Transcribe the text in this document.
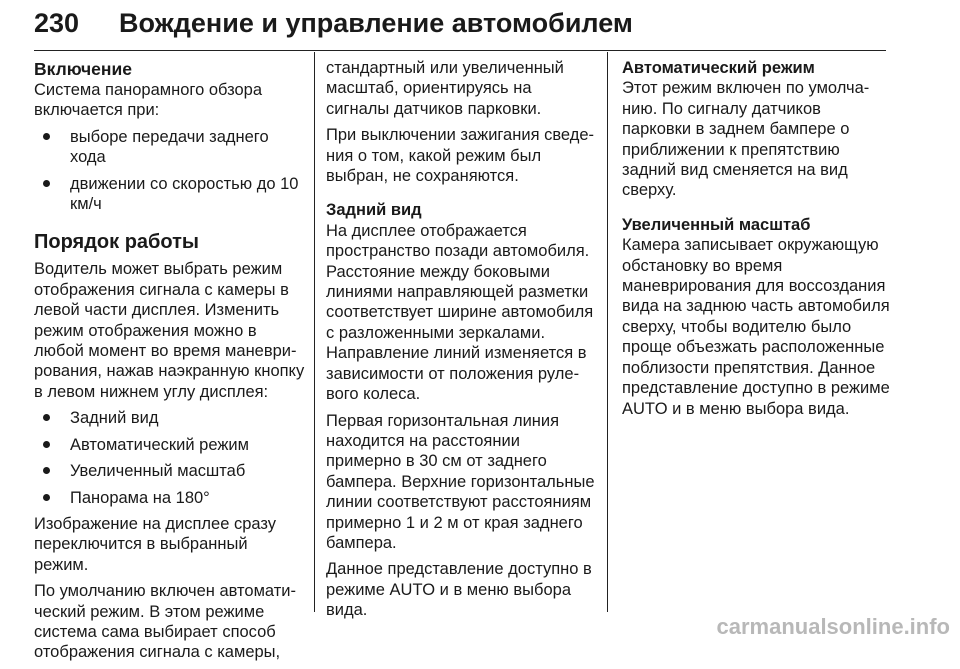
230 Вождение и управление автомобилем
Включение

Система панорамного обзора включается при:

выборе передачи заднего хода
движении со скоростью до 10 км/ч
Порядок работы

Водитель может выбрать режим отображения сигнала с камеры в левой части дисплея. Изменить режим отображения можно в любой момент во время маневрирования, нажав наэкранную кнопку в левом нижнем углу дисплея:

Задний вид
Автоматический режим
Увеличенный масштаб
Панорама на 180°

Изображение на дисплее сразу переключится в выбранный режим.

По умолчанию включен автоматический режим. В этом режиме система сама выбирает способ отображения сигнала с камеры,

стандартный или увеличенный масштаб, ориентируясь на сигналы датчиков парковки.

При выключении зажигания сведения о том, какой режим был выбран, не сохраняются.

Задний вид

На дисплее отображается пространство позади автомобиля. Расстояние между боковыми линиями направляющей разметки соответствует ширине автомобиля с разложенными зеркалами. Направление линий изменяется в зависимости от положения рулевого колеса.

Первая горизонтальная линия находится на расстоянии примерно в 30 см от заднего бампера. Верхние горизонтальные линии соответствуют расстояниям примерно 1 и 2 м от края заднего бампера.

Данное представление доступно в режиме AUTO и в меню выбора вида.

Автоматический режим

Этот режим включен по умолчанию. По сигналу датчиков парковки в заднем бампере о приближении к препятствию задний вид сменяется на вид сверху.

Увеличенный масштаб

Камера записывает окружающую обстановку во время маневрирования для воссоздания вида на заднюю часть автомобиля сверху, чтобы водителю было проще объезжать расположенные поблизости препятствия. Данное представление доступно в режиме AUTO и в меню выбора вида.

carmanualsonline.info
